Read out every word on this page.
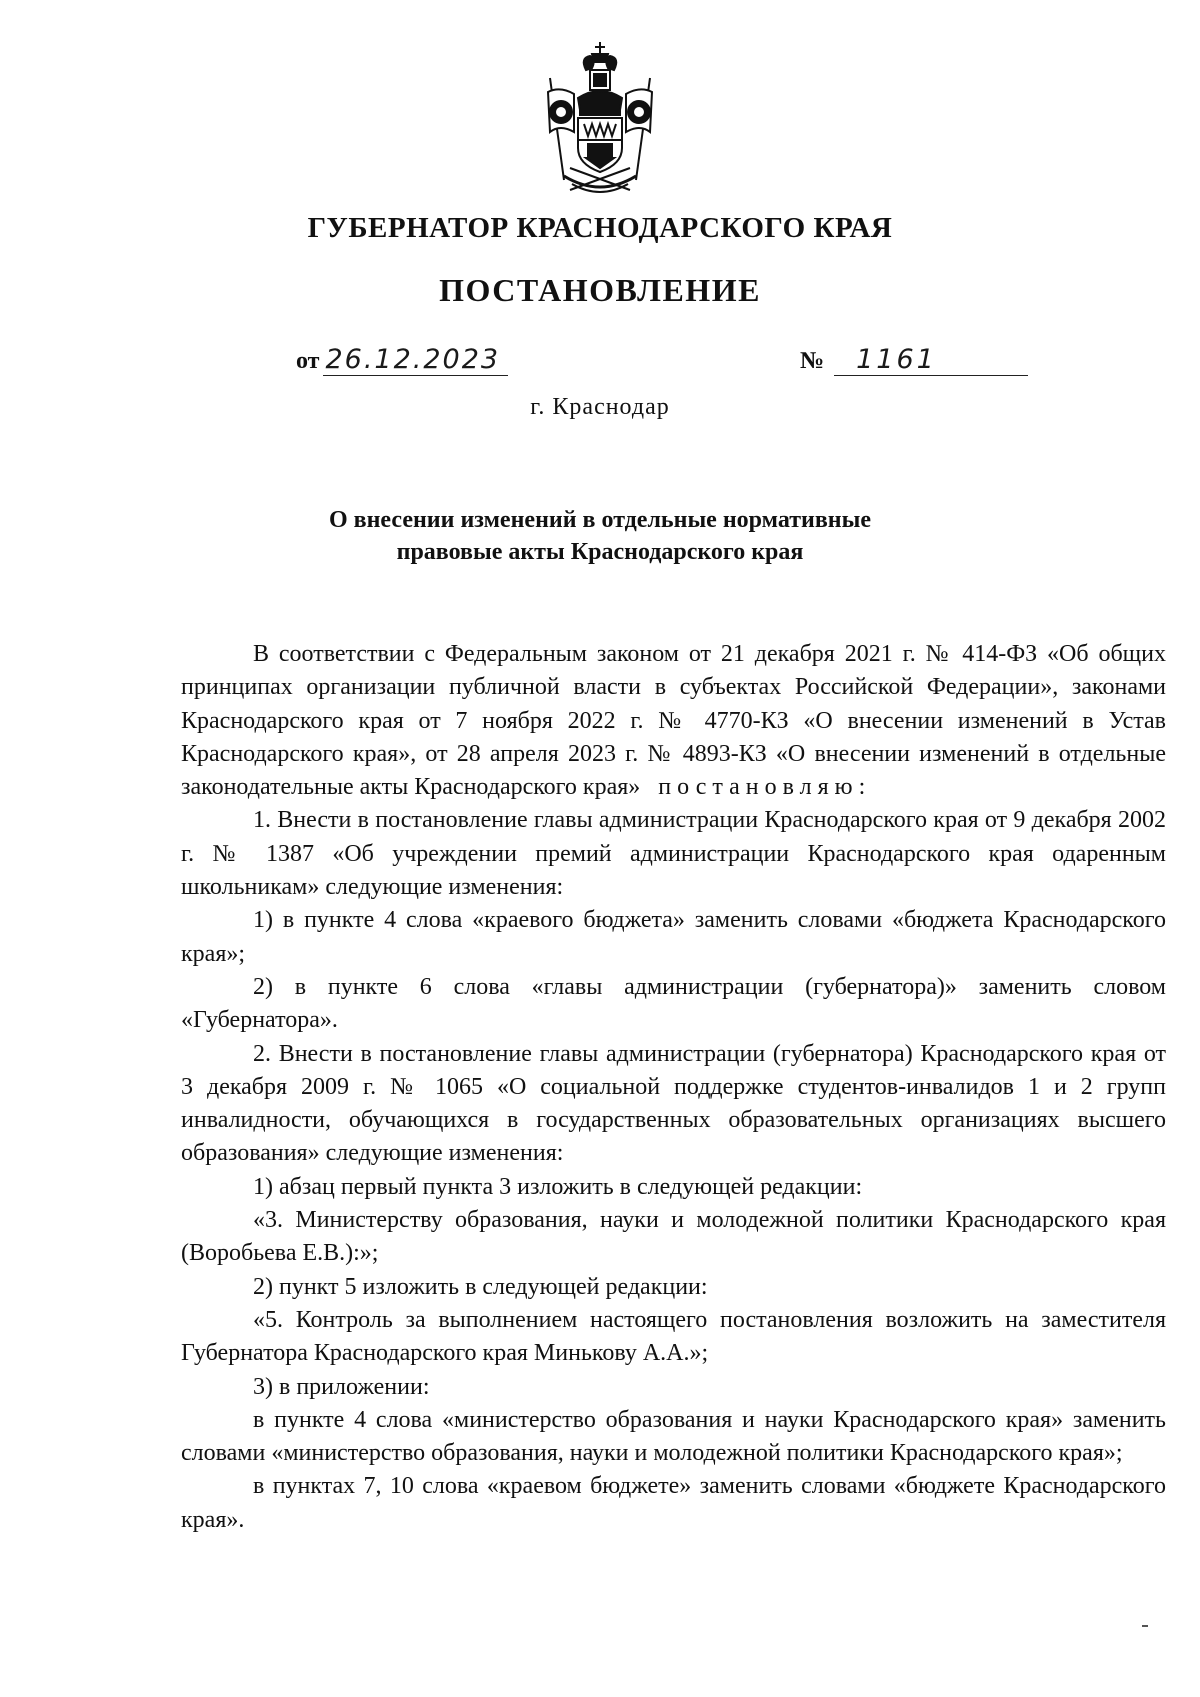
ГУБЕРНАТОР КРАСНОДАРСКОГО КРАЯ
ПОСТАНОВЛЕНИЕ
от 26.12.2023	№ 1161
г. Краснодар
О внесении изменений в отдельные нормативные
правовые акты Краснодарского края

В соответствии с Федеральным законом от 21 декабря 2021 г. № 414-ФЗ «Об общих принципах организации публичной власти в субъектах Российской Федерации», законами Краснодарского края от 7 ноября 2022 г. № 4770-КЗ «О внесении изменений в Устав Краснодарского края», от 28 апреля 2023 г. № 4893-КЗ «О внесении изменений в отдельные законодательные акты Краснодарского края» постановляю:

1. Внести в постановление главы администрации Краснодарского края от 9 декабря 2002 г. № 1387 «Об учреждении премий администрации Краснодарского края одаренным школьникам» следующие изменения:

1) в пункте 4 слова «краевого бюджета» заменить словами «бюджета Краснодарского края»;

2) в пункте 6 слова «главы администрации (губернатора)» заменить словом «Губернатора».

2. Внести в постановление главы администрации (губернатора) Краснодарского края от 3 декабря 2009 г. № 1065 «О социальной поддержке студентов-инвалидов 1 и 2 групп инвалидности, обучающихся в государственных образовательных организациях высшего образования» следующие изменения:

1) абзац первый пункта 3 изложить в следующей редакции:

«3. Министерству образования, науки и молодежной политики Краснодарского края (Воробьева Е.В.):»;

2) пункт 5 изложить в следующей редакции:

«5. Контроль за выполнением настоящего постановления возложить на заместителя Губернатора Краснодарского края Минькову А.А.»;

3) в приложении:

в пункте 4 слова «министерство образования и науки Краснодарского края» заменить словами «министерство образования, науки и молодежной политики Краснодарского края»;

в пунктах 7, 10 слова «краевом бюджете» заменить словами «бюджете Краснодарского края».
